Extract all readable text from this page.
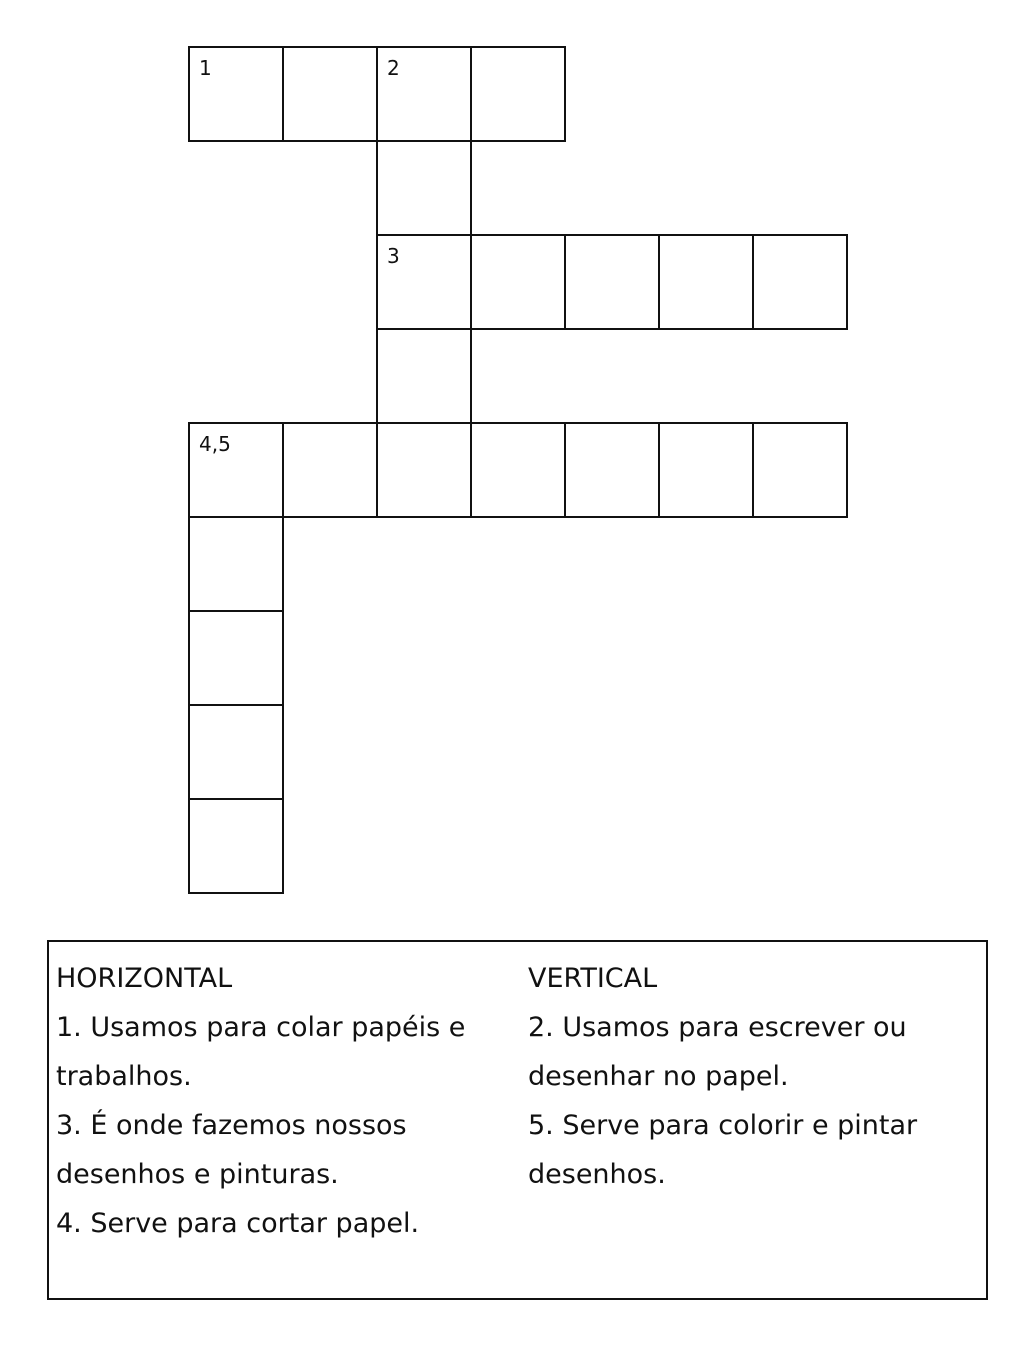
1	2
3
4,5
HORIZONTAL
1. Usamos para colar papéis e
trabalhos.
3. É onde fazemos nossos
desenhos e pinturas.
4. Serve para cortar papel.
VERTICAL
2. Usamos para escrever ou
desenhar no papel.
5. Serve para colorir e pintar
desenhos.
